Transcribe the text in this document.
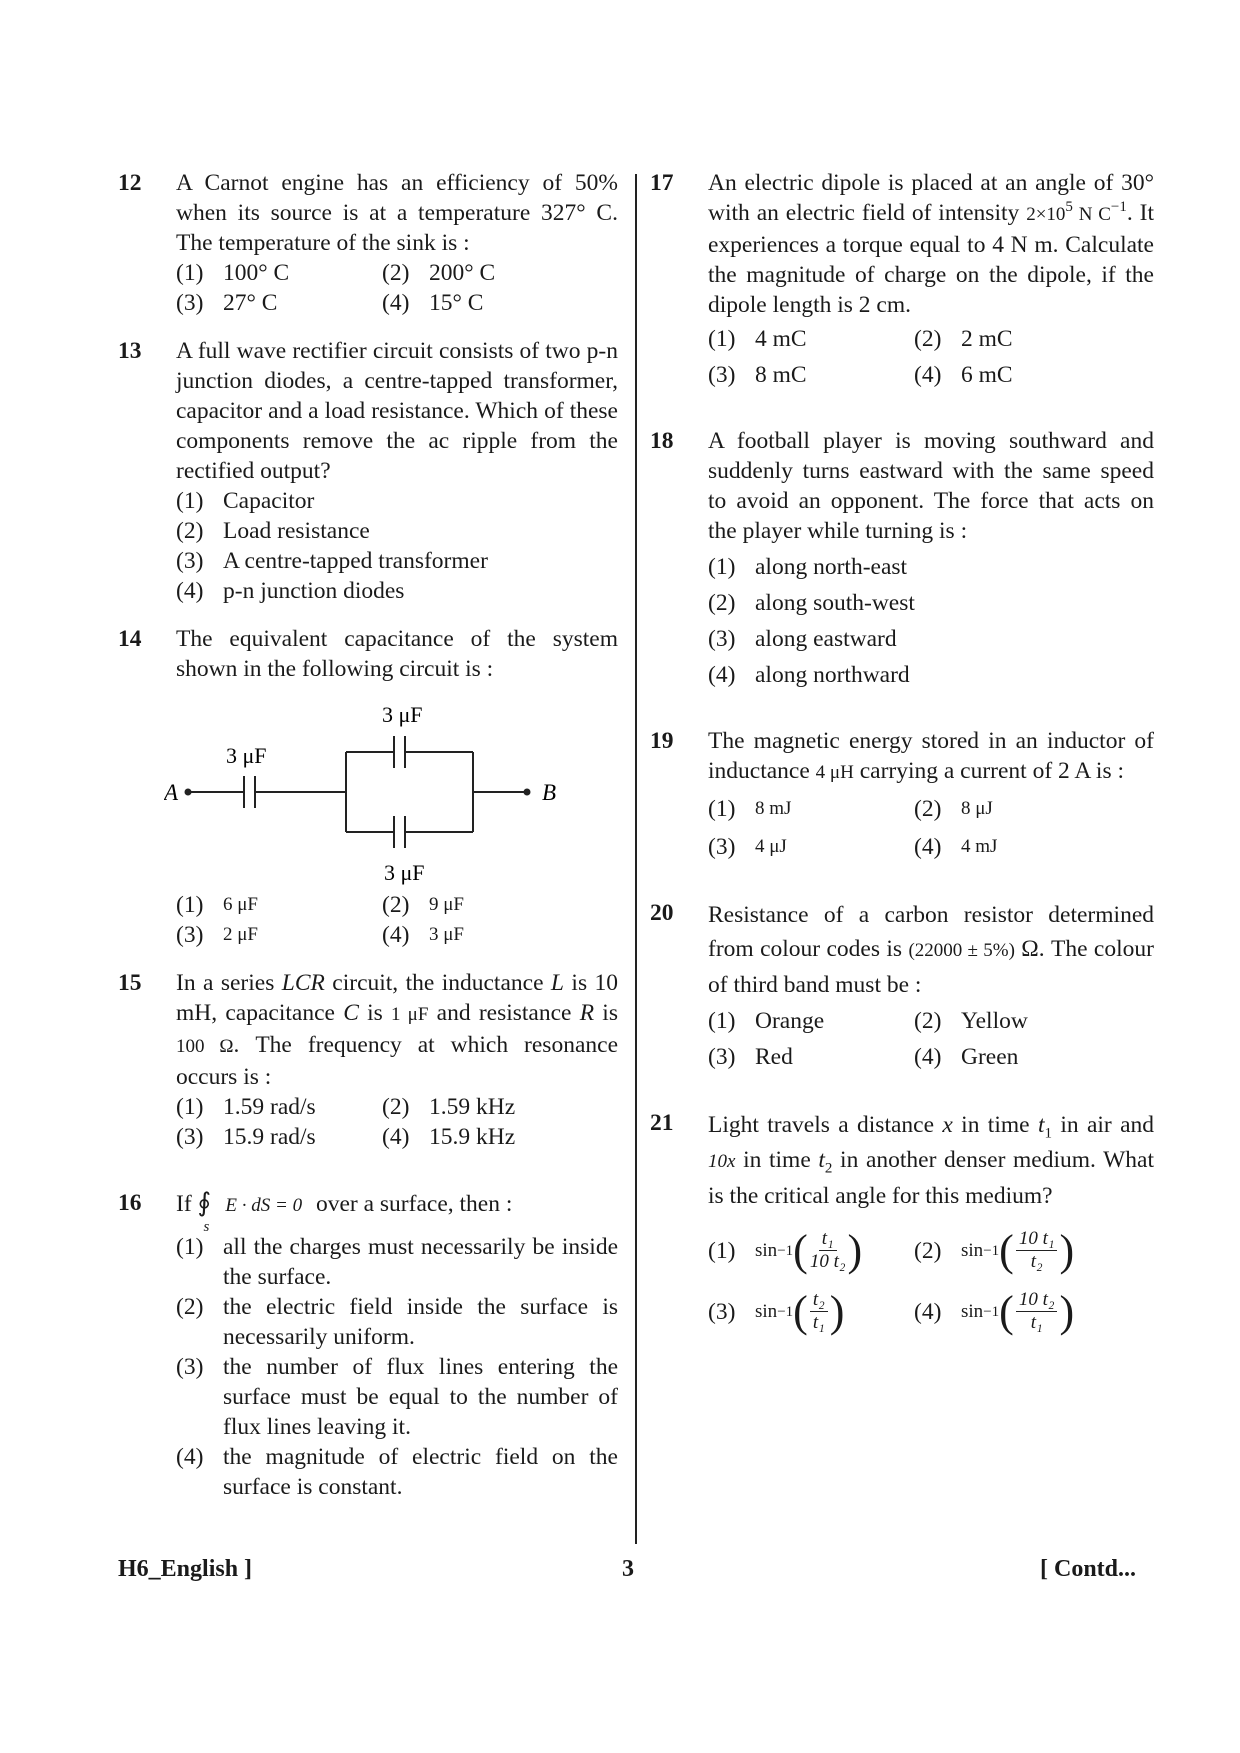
12 A Carnot engine has an efficiency of 50% when its source is at a temperature 327° C. The temperature of the sink is :
(1) 100° C	(2) 200° C
(3) 27° C	(4) 15° C
13 A full wave rectifier circuit consists of two p-n junction diodes, a centre-tapped transformer, capacitor and a load resistance. Which of these components remove the ac ripple from the rectified output?
(1) Capacitor
(2) Load resistance
(3) A centre-tapped transformer
(4) p-n junction diodes
14 The equivalent capacitance of the system shown in the following circuit is :
3 μF
3 μF
3 μF
A	B
(1)	6 μF	(2)	9 μF
(3)	2 μF	(4)	3 μF
15 In a series LCR circuit, the inductance L is 10 mH, capacitance C is 1 μF and resistance R is 100 Ω. The frequency at which resonance occurs is :
(1) 1.59 rad/s	(2) 1.59 kHz
(3) 15.9 rad/s	(4) 15.9 kHz
16 If ∮
s
E · dS = 0 over a surface, then :
(1) all the charges must necessarily be inside the surface.
(2) the electric field inside the surface is necessarily uniform.
(3) the number of flux lines entering the surface must be equal to the number of flux lines leaving it.
(4) the magnitude of electric field on the surface is constant.
17 An electric dipole is placed at an angle of 30° with an electric field of intensity $2\times 10^5$ N $C^{-1}$. It experiences a torque equal to 4 N m. Calculate the magnitude of charge on the dipole, if the dipole length is 2 cm.
(1) 4 mC	(2) 2 mC
(3) 8 mC	(4) 6 mC
18 A football player is moving southward and suddenly turns eastward with the same speed to avoid an opponent. The force that acts on the player while turning is :
(1) along north-east
(2) along south-west
(3) along eastward
(4) along northward
19 The magnetic energy stored in an inductor of inductance 4 μH carrying a current of 2 A is :
(1)	8 mJ	(2)	8 μJ
(3)	4 μJ	(4)	4 mJ
20 Resistance of a carbon resistor determined from colour codes is (22000 ± 5%) Ω. The colour of third band must be :
(1) Orange	(2) Yellow
(3) Red	(4) Green
21 Light travels a distance x in time $t_1$ in air and 10x in time $t_2$ in another denser medium. What is the critical angle for this medium?
(1)	sin −1 ( $\frac{\text{t₁}}{\text{10 t₂}}$ ) (2)	sin −1 ( $\frac{\text{10 t₁}}{\text{t₂}}$ )
(3)	sin −1 ( $\frac{\text{t₂}}{\text{t₁}}$ )	(4)	sin −1 ( $\frac{\text{10 t₂}}{\text{t₁}}$ )
H6_English ]	3	[ Contd...
